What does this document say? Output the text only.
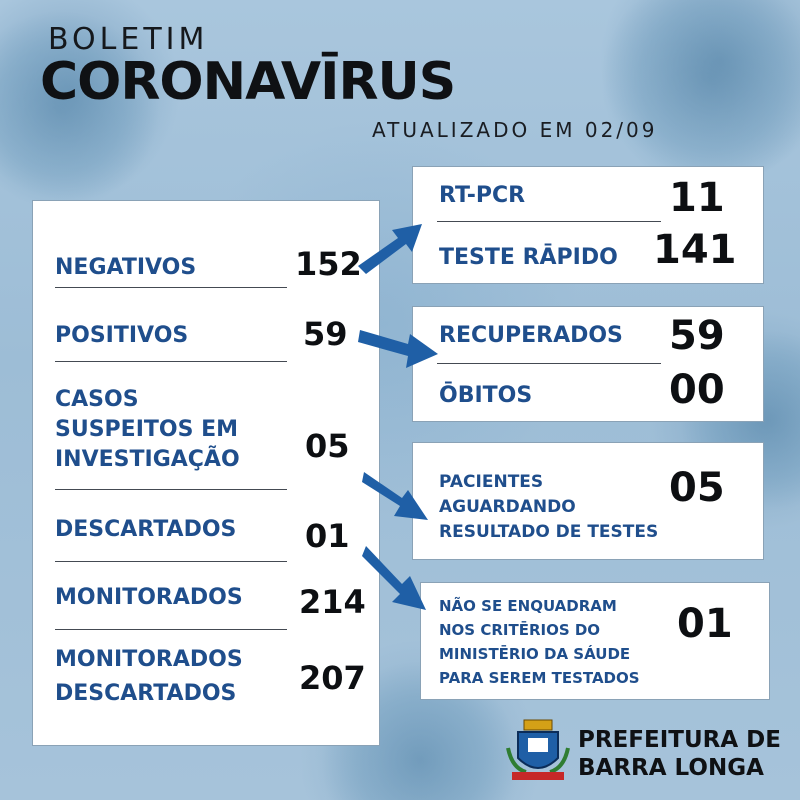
BOLETIM
CORONAVĪRUS
ATUALIZADO EM 02/09
NEGATIVOS	152
POSITIVOS	59
CASOS
SUSPEITOS EM
INVESTIGAÇÃO 05
DESCARTADOS 01
MONITORADOS 214
MONITORADOS
DESCARTADOS 207
RT-PCR	11
TESTE RĀPIDO 141
RECUPERADOS 59
ŌBITOS	00
PACIENTES
AGUARDANDO
RESULTADO DE TESTES
05
NÃO SE ENQUADRAM
NOS CRITĒRIOS DO
MINISTĒRIO DA SÁUDE
PARA SEREM TESTADOS
01
PREFEITURA DE
BARRA LONGA
